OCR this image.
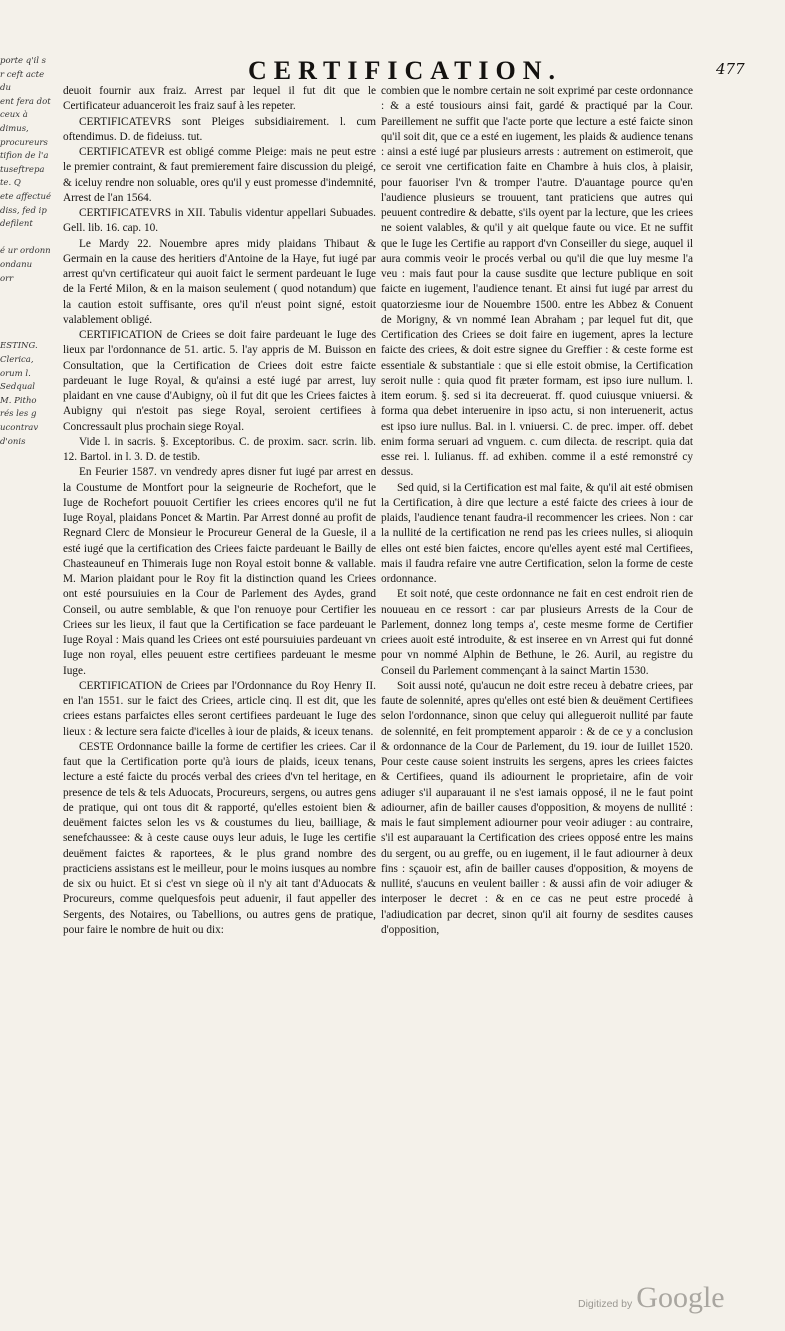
porte q'il s
r ceft acte
du
ent fera dot
ceux à
dimus,
procureurs
tifion de l'a
tuseftrepa
te. Q
ete affectué
diss, fed ip
defilent

é ur ordonn
ondanu
orr

ESTING.
Clerica,
orum l.
Sedqual
M. Pitho
rés les g
ucontrav
d'onis

CERTIFICATION.	477

deuoit fournir aux fraiz. Arrest par lequel il fut dit que le Certificateur aduanceroit les fraiz sauf à les repeter.

CERTIFICATEVRS sont Pleiges subsidiairement. l. cum oftendimus. D. de fideiuss. tut.

CERTIFICATEVR est obligé comme Pleige: mais ne peut estre le premier contraint, & faut premierement faire discussion du pleigé, & iceluy rendre non soluable, ores qu'il y eust promesse d'indemnité, Arrest de l'an 1564.

CERTIFICATEVRS in XII. Tabulis videntur appellari Subuades. Gell. lib. 16. cap. 10.

Le Mardy 22. Nouembre apres midy plaidans Thibaut & Germain en la cause des heritiers d'Antoine de la Haye, fut iugé par arrest qu'vn certificateur qui auoit faict le serment pardeuant le Iuge de la Ferté Milon, & en la maison seulement ( quod notandum) que la caution estoit suffisante, ores qu'il n'eust point signé, estoit valablement obligé.

CERTIFICATION de Criees se doit faire pardeuant le Iuge des lieux par l'ordonnance de 51. artic. 5. l'ay appris de M. Buisson en Consultation, que la Certification de Criees doit estre faicte pardeuant le Iuge Royal, & qu'ainsi a esté iugé par arrest, luy plaidant en vne cause d'Aubigny, où il fut dit que les Criees faictes à Aubigny qui n'estoit pas siege Royal, seroient certifiees à Concressault plus prochain siege Royal.

Vide l. in sacris. §. Exceptoribus. C. de proxim. sacr. scrin. lib. 12. Bartol. in l. 3. D. de testib.

En Feurier 1587. vn vendredy apres disner fut iugé par arrest en la Coustume de Montfort pour la seigneurie de Rochefort, que le Iuge de Rochefort pouuoit Certifier les criees encores qu'il ne fut Iuge Royal, plaidans Poncet & Martin. Par Arrest donné au profit de Regnard Clerc de Monsieur le Procureur General de la Guesle, il a esté iugé que la certification des Criees faicte pardeuant le Bailly de Chasteauneuf en Thimerais Iuge non Royal estoit bonne & vallable. M. Marion plaidant pour le Roy fit la distinction quand les Criees ont esté poursuiuies en la Cour de Parlement des Aydes, grand Conseil, ou autre semblable, & que l'on renuoye pour Certifier les Criees sur les lieux, il faut que la Certification se face pardeuant le Iuge Royal : Mais quand les Criees ont esté poursuiuies pardeuant vn Iuge non royal, elles peuuent estre certifiees pardeuant le mesme Iuge.

CERTIFICATION de Criees par l'Ordonnance du Roy Henry II. en l'an 1551. sur le faict des Criees, article cinq. Il est dit, que les criees estans parfaictes elles seront certifiees pardeuant le Iuge des lieux : & lecture sera faicte d'icelles à iour de plaids, & iceux tenans.

CESTE Ordonnance baille la forme de certifier les criees. Car il faut que la Certification porte qu'à iours de plaids, iceux tenans, lecture a esté faicte du procés verbal des criees d'vn tel heritage, en presence de tels & tels Aduocats, Procureurs, sergens, ou autres gens de pratique, qui ont tous dit & rapporté, qu'elles estoient bien & deuëment faictes selon les vs & coustumes du lieu, bailliage, & senefchaussee: & à ceste cause ouys leur aduis, le Iuge les certifie deuëment faictes & raportees, & le plus grand nombre des practiciens assistans est le meilleur, pour le moins iusques au nombre de six ou huict. Et si c'est vn siege où il n'y ait tant d'Aduocats & Procureurs, comme quelquesfois peut aduenir, il faut appeller des Sergents, des Notaires, ou Tabellions, ou autres gens de pratique, pour faire le nombre de huit ou dix:

combien que le nombre certain ne soit exprimé par ceste ordonnance : & a esté tousiours ainsi fait, gardé & practiqué par la Cour. Pareillement ne suffit que l'acte porte que lecture a esté faicte sinon qu'il soit dit, que ce a esté en iugement, les plaids & audience tenans : ainsi a esté iugé par plusieurs arrests : autrement on estimeroit, que ce seroit vne certification faite en Chambre à huis clos, à plaisir, pour fauoriser l'vn & tromper l'autre. D'auantage pource qu'en l'audience plusieurs se trouuent, tant praticiens que autres qui peuuent contredire & debatte, s'ils oyent par la lecture, que les criees ne soient valables, & qu'il y ait quelque faute ou vice. Et ne suffit que le Iuge les Certifie au rapport d'vn Conseiller du siege, auquel il aura commis veoir le procés verbal ou qu'il die que luy mesme l'a veu : mais faut pour la cause susdite que lecture publique en soit faicte en iugement, l'audience tenant. Et ainsi fut iugé par arrest du quatorziesme iour de Nouembre 1500. entre les Abbez & Conuent de Morigny, & vn nommé Iean Abraham ; par lequel fut dit, que Certification des Criees se doit faire en iugement, apres la lecture faicte des criees, & doit estre signee du Greffier : & ceste forme est essentiale & substantiale : que si elle estoit obmise, la Certification seroit nulle : quia quod fit præter formam, est ipso iure nullum. l. item eorum. §. sed si ita decreuerat. ff. quod cuiusque vniuersi. & forma qua debet interuenire in ipso actu, si non interuenerit, actus est ipso iure nullus. Bal. in l. vniuersi. C. de prec. imper. off. debet enim forma seruari ad vnguem. c. cum dilecta. de rescript. quia dat esse rei. l. Iulianus. ff. ad exhiben. comme il a esté remonstré cy dessus.

Sed quid, si la Certification est mal faite, & qu'il ait esté obmisen la Certification, à dire que lecture a esté faicte des criees à iour de plaids, l'audience tenant faudra-il recommencer les criees. Non : car la nullité de la certification ne rend pas les criees nulles, si alioquin elles ont esté bien faictes, encore qu'elles ayent esté mal Certifiees, mais il faudra refaire vne autre Certification, selon la forme de ceste ordonnance.

Et soit noté, que ceste ordonnance ne fait en cest endroit rien de nouueau en ce ressort : car par plusieurs Arrests de la Cour de Parlement, donnez long temps a', ceste mesme forme de Certifier criees auoit esté introduite, & est inseree en vn Arrest qui fut donné pour vn nommé Alphin de Bethune, le 26. Auril, au registre du Conseil du Parlement commençant à la sainct Martin 1530.

Soit aussi noté, qu'aucun ne doit estre receu à debatre criees, par faute de solennité, apres qu'elles ont esté bien & deuëment Certifiees selon l'ordonnance, sinon que celuy qui allegueroit nullité par faute de solennité, en feit promptement apparoir : & de ce y a conclusion & ordonnance de la Cour de Parlement, du 19. iour de Iuillet 1520. Pour ceste cause soient instruits les sergens, apres les criees faictes & Certifiees, quand ils adiournent le proprietaire, afin de voir adiuger s'il auparauant il ne s'est iamais opposé, il ne le faut point adiourner, afin de bailler causes d'opposition, & moyens de nullité : mais le faut simplement adiourner pour veoir adiuger : au contraire, s'il est auparauant la Certification des criees opposé entre les mains du sergent, ou au greffe, ou en iugement, il le faut adiourner à deux fins : sçauoir est, afin de bailler causes d'opposition, & moyens de nullité, s'aucuns en veulent bailler : & aussi afin de voir adiuger & interposer le decret : & en ce cas ne peut estre procedé à l'adiudication par decret, sinon qu'il ait fourny de sesdites causes d'opposition,

Digitized by Google
